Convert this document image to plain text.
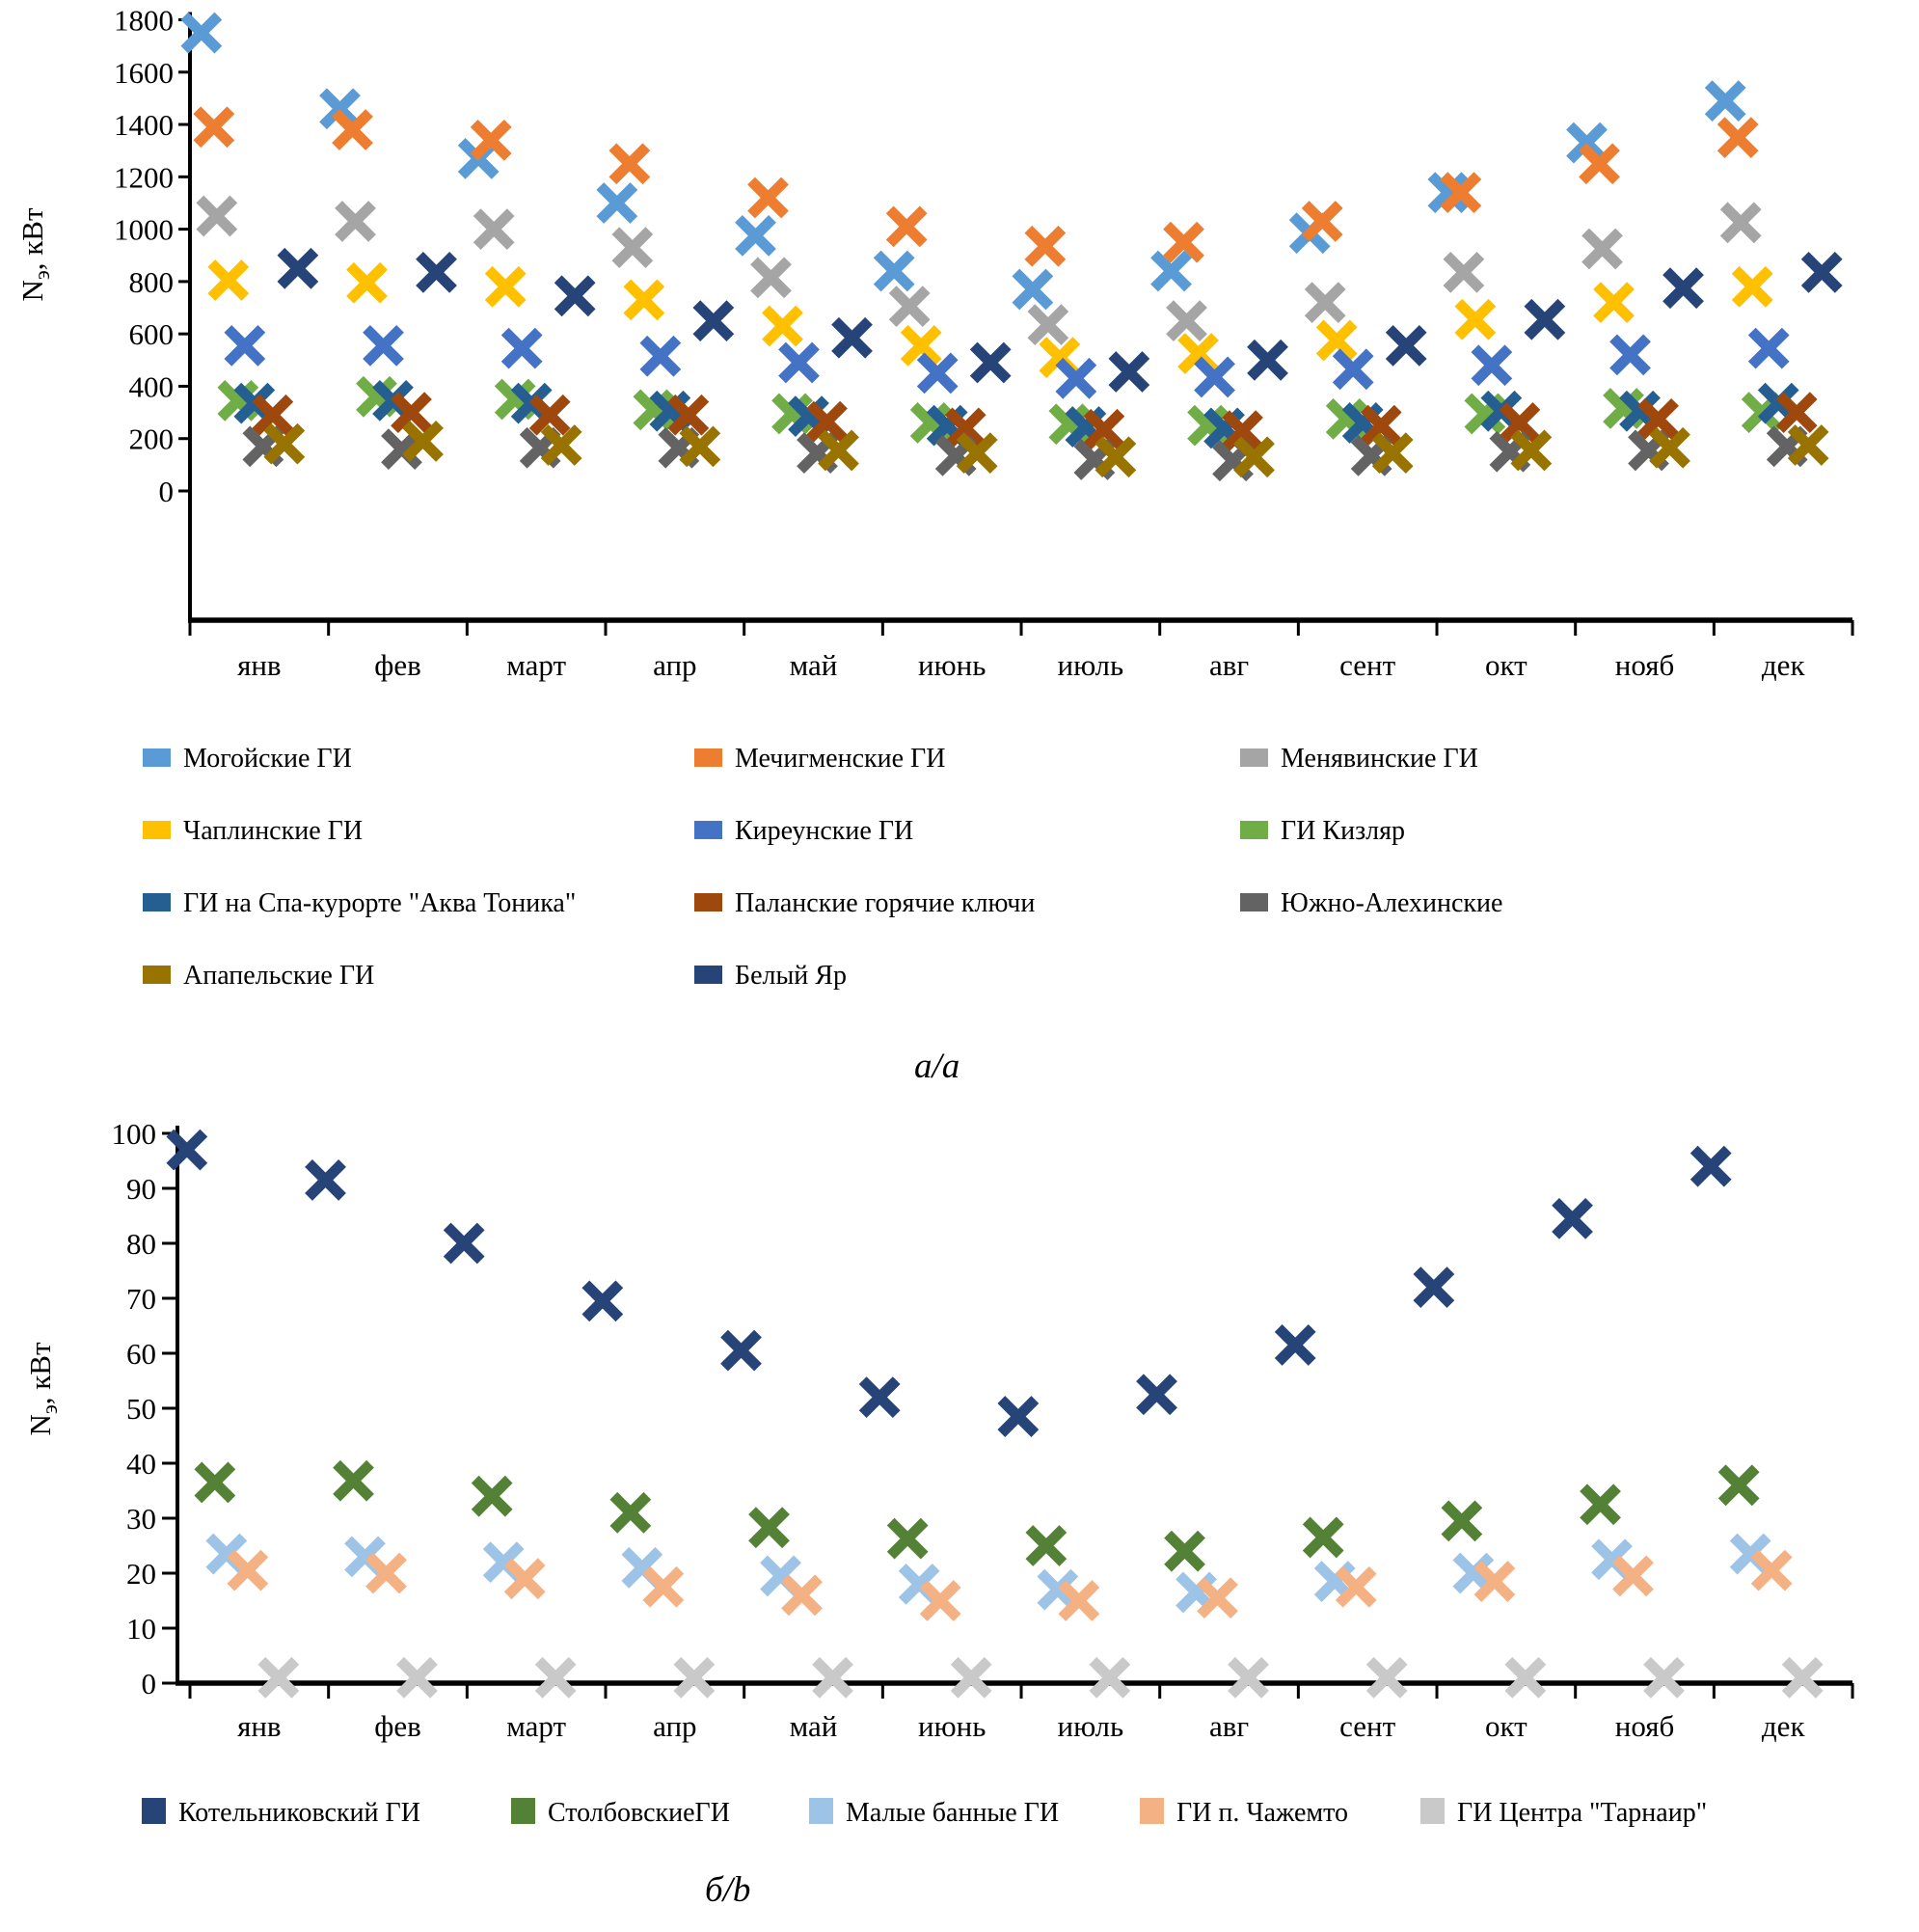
0
200
400
600
800
1000
1200
1400
1600
1800
янв	фев	март	апр	май	июнь июль	авг	сент	окт	нояб	дек
$N_э$, кВт
0
10
20
30
40
50
60
70
80
90
100
янв	фев	март	апр	май	июнь июль	авг	сент	окт	нояб	дек
$N_э$, кВт
Могойские ГИ	Мечигменские ГИ	Менявинские ГИ
Чаплинские ГИ	Киреунские ГИ	ГИ Кизляр
ГИ на Спа-курорте "Аква Тоника"	Паланские горячие ключи	Южно-Алехинские
Апапельские ГИ	Белый Яр
а/a
Котельниковский ГИ	СтолбовскиеГИ	Малые банные ГИ	ГИ п. Чажемто	ГИ Центра "Тарнаир"
б/b
